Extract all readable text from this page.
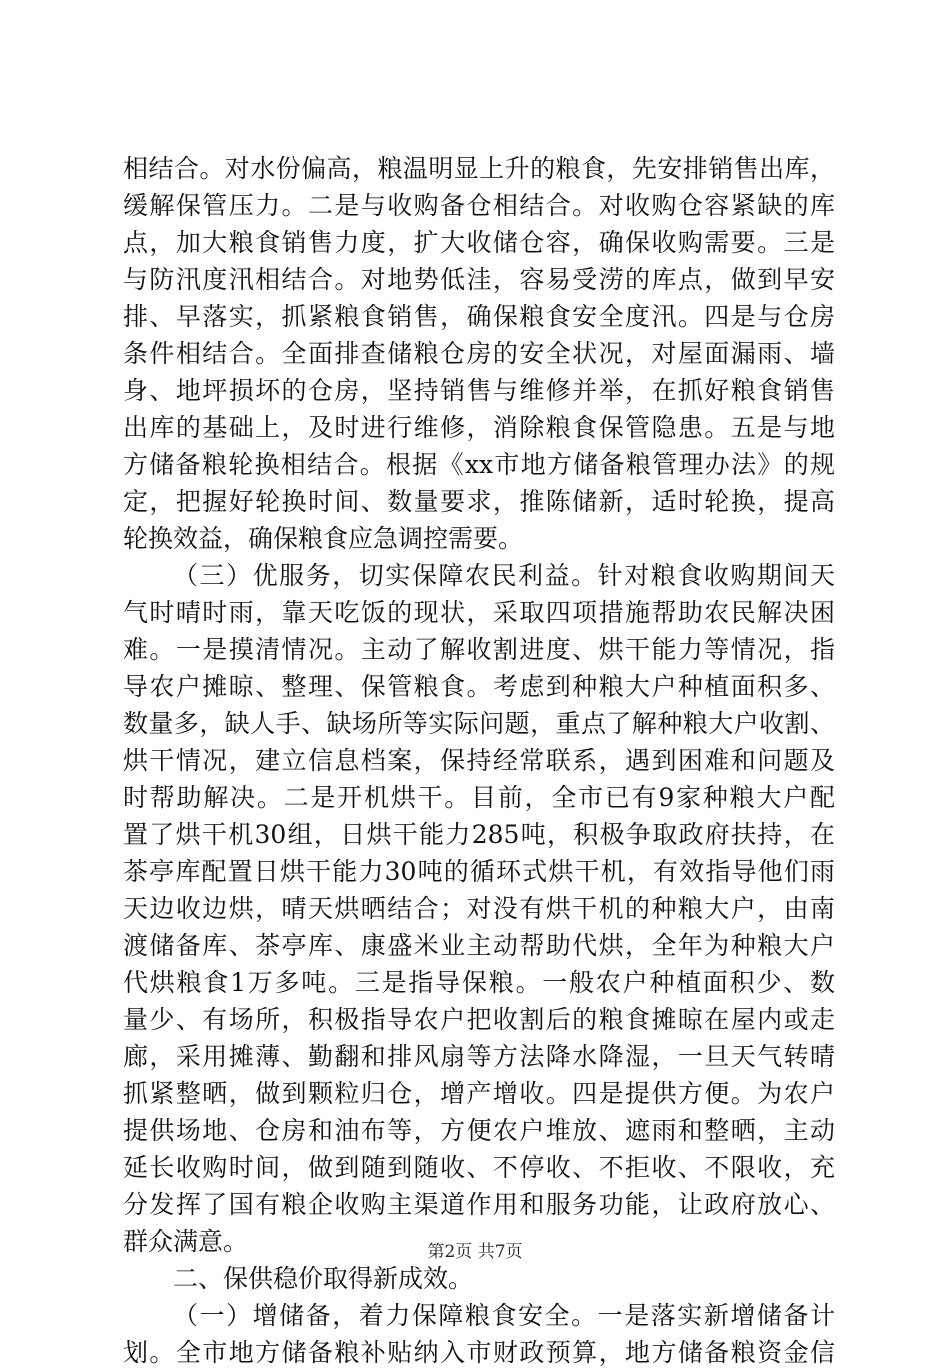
相结合。对水份偏高，粮温明显上升的粮食，先安排销售出库，
缓解保管压力。二是与收购备仓相结合。对收购仓容紧缺的库
点，加大粮食销售力度，扩大收储仓容，确保收购需要。三是
与防汛度汛相结合。对地势低洼，容易受涝的库点，做到早安
排、早落实，抓紧粮食销售，确保粮食安全度汛。四是与仓房
条件相结合。全面排查储粮仓房的安全状况，对屋面漏雨、墙
身、地坪损坏的仓房，坚持销售与维修并举，在抓好粮食销售
出库的基础上，及时进行维修，消除粮食保管隐患。五是与地
方储备粮轮换相结合。根据《xx市地方储备粮管理办法》的规
定，把握好轮换时间、数量要求，推陈储新，适时轮换，提高
轮换效益，确保粮食应急调控需要。
（三）优服务，切实保障农民利益。针对粮食收购期间天
气时晴时雨，靠天吃饭的现状，采取四项措施帮助农民解决困
难。一是摸清情况。主动了解收割进度、烘干能力等情况，指
导农户摊晾、整理、保管粮食。考虑到种粮大户种植面积多、
数量多，缺人手、缺场所等实际问题，重点了解种粮大户收割、
烘干情况，建立信息档案，保持经常联系，遇到困难和问题及
时帮助解决。二是开机烘干。目前，全市已有9家种粮大户配
置了烘干机30组，日烘干能力285吨，积极争取政府扶持，在
茶亭库配置日烘干能力30吨的循环式烘干机，有效指导他们雨
天边收边烘，晴天烘晒结合；对没有烘干机的种粮大户，由南
渡储备库、茶亭库、康盛米业主动帮助代烘，全年为种粮大户
代烘粮食1万多吨。三是指导保粮。一般农户种植面积少、数
量少、有场所，积极指导农户把收割后的粮食摊晾在屋内或走
廊，采用摊薄、勤翻和排风扇等方法降水降湿，一旦天气转晴
抓紧整晒，做到颗粒归仓，增产增收。四是提供方便。为农户
提供场地、仓房和油布等，方便农户堆放、遮雨和整晒，主动
延长收购时间，做到随到随收、不停收、不拒收、不限收，充
分发挥了国有粮企收购主渠道作用和服务功能，让政府放心、
群众满意。
二、保供稳价取得新成效。
（一）增储备，着力保障粮食安全。一是落实新增储备计
划。全市地方储备粮补贴纳入市财政预算，地方储备粮资金信
第2页 共7页
